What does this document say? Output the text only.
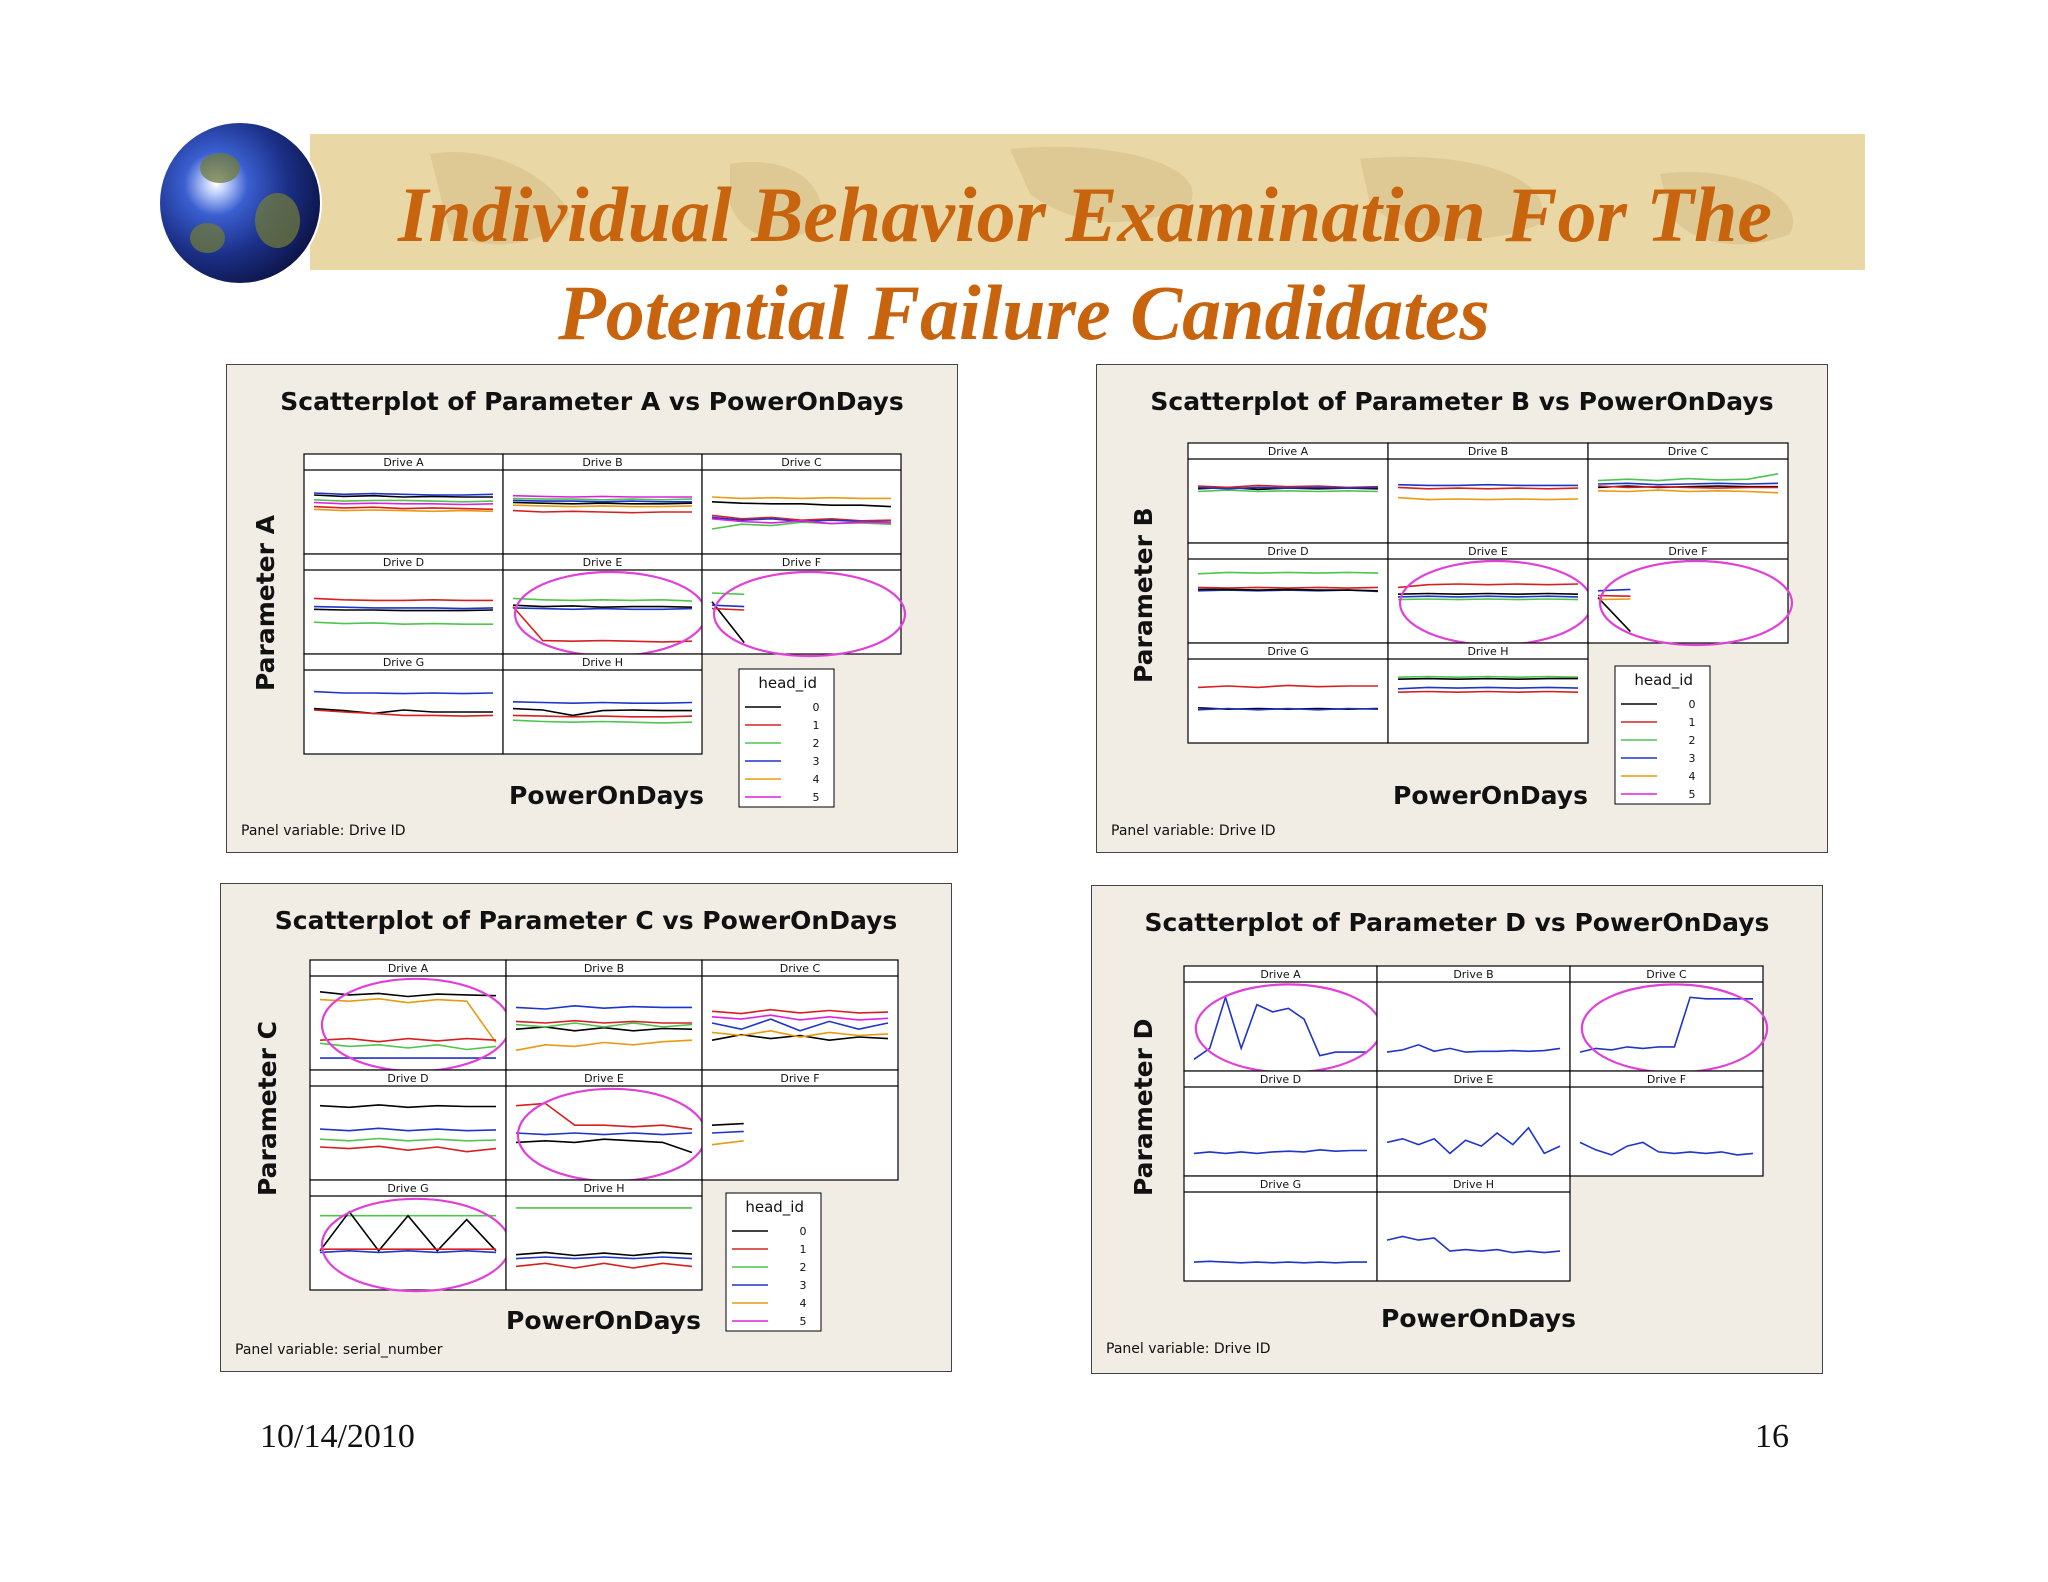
Individual Behavior Examination For The
Potential Failure Candidates
Scatterplot of Parameter A vs PowerOnDays
Panel variable: Drive ID
Parameter A
PowerOnDays
Drive A	Drive B	Drive C
Drive D	Drive E	Drive F
Drive G	Drive H
head_id
0
1
2
3
4
5
Scatterplot of Parameter B vs PowerOnDays
Panel variable: Drive ID
Parameter B
PowerOnDays
Drive A	Drive B	Drive C
Drive D	Drive E	Drive F
Drive G	Drive H
head_id
0
1
2
3
4
5
Scatterplot of Parameter C vs PowerOnDays
Panel variable: serial_number
Parameter C
PowerOnDays
Drive A	Drive B	Drive C
Drive D	Drive E	Drive F
Drive G	Drive H
head_id
0
1
2
3
4
5
Scatterplot of Parameter D vs PowerOnDays
Panel variable: Drive ID
Parameter D
PowerOnDays
Drive A	Drive B	Drive C
Drive D	Drive E	Drive F
Drive G	Drive H
10/14/2010	16
